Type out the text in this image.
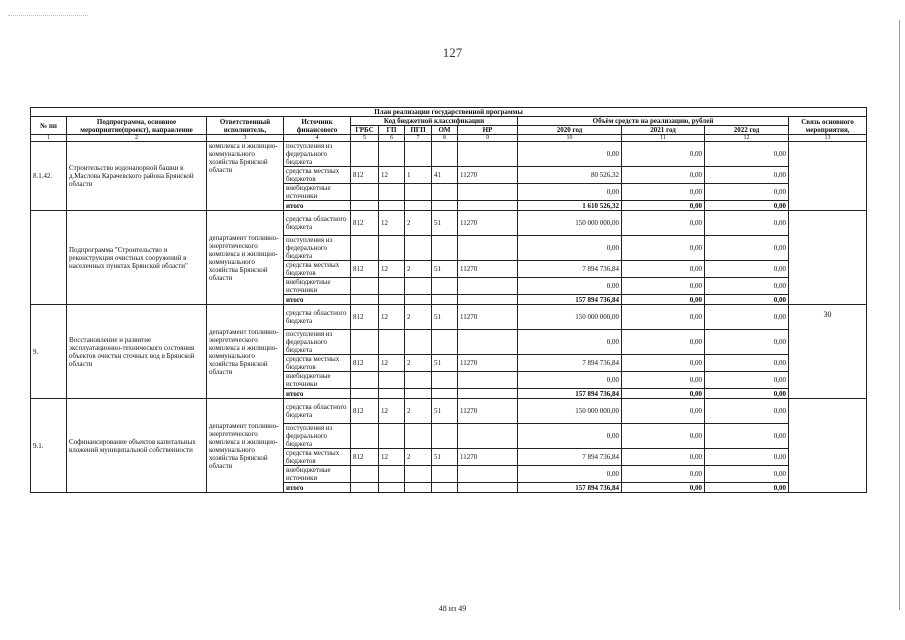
127
План реализации государственной программы												
№ пп	Подпрограмма, основное мероприятие(проект), направление	Ответственный исполнитель,	Источник финансового	Код бюджетной классификации					Объём средств на реализацию, рублей			Связь основного мероприятия,
				ГРБС	ГП	ПГП	ОМ	НР	2020 год	2021 год	2022 год	
1	2	3	4	5	6	7	8	9	10	11	12	13
8.1.42.	Строительство водонапорной башни в д.Маслова Карачевского района Брянской области	комплекса и жилищно-коммунального хозяйства Брянской области	поступления из федерального бюджета						0,00	0,00	0,00	
			средства местных бюджетов	812	12	1	41	11270	80 526,32	0,00	0,00	
			внебюджетные источники						0,00	0,00	0,00	
			итого						1 610 526,32	0,00	0,00	
	Подпрограмма "Строительство и реконструкция очистных сооружений в населенных пунктах Брянской области"	департамент топливно-энергетического комплекса и жилищно-коммунального хозяйства Брянской области	средства областного бюджета	812	12	2	51	11270	150 000 000,00	0,00	0,00	
			поступления из федерального бюджета						0,00	0,00	0,00	
			средства местных бюджетов	812	12	2	51	11270	7 894 736,84	0,00	0,00	
			внебюджетные источники						0,00	0,00	0,00	
			итого						157 894 736,84	0,00	0,00	
9.	Восстановление и развитие эксплуатационно-технического состояния объектов очистки сточных вод в Брянской области	департамент топливно-энергетического комплекса и жилищно-коммунального хозяйства Брянской области	средства областного бюджета	812	12	2	51	11270	150 000 000,00	0,00	0,00	30
			поступления из федерального бюджета						0,00	0,00	0,00	
			средства местных бюджетов	812	12	2	51	11270	7 894 736,84	0,00	0,00	
			внебюджетные источники						0,00	0,00	0,00	
			итого						157 894 736,84	0,00	0,00	
9.1.	Софинансирование объектов капитальных вложений муниципальной собственности	департамент топливно-энергетического комплекса и жилищно-коммунального хозяйства Брянской области	средства областного бюджета	812	12	2	51	11270	150 000 000,00	0,00	0,00	
			поступления из федерального бюджета						0,00	0,00	0,00	
			средства местных бюджетов	812	12	2	51	11270	7 894 736,84	0,00	0,00	
			внебюджетные источники						0,00	0,00	0,00	
			итого						157 894 736,84	0,00	0,00	
48 из 49
